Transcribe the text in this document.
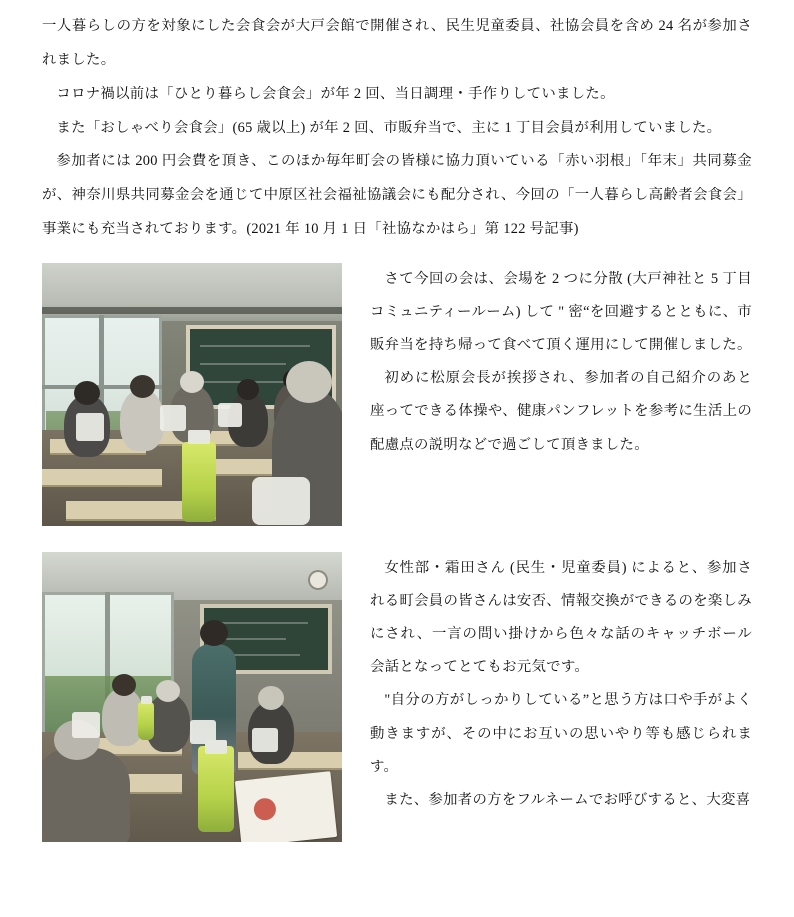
一人暮らしの方を対象にした会食会が大戸会館で開催され、民生児童委員、社協会員を含め 24 名が参加されました。

コロナ禍以前は「ひとり暮らし会食会」が年 2 回、当日調理・手作りしていました。

また「おしゃべり会食会」(65 歳以上) が年 2 回、市販弁当で、主に 1 丁目会員が利用していました。

参加者には 200 円会費を頂き、このほか毎年町会の皆様に協力頂いている「赤い羽根」「年末」共同募金が、神奈川県共同募金会を通じて中原区社会福祉協議会にも配分され、今回の「一人暮らし高齢者会食会」事業にも充当されております。(2021 年 10 月 1 日「社協なかはら」第 122 号記事)

さて今回の会は、会場を 2 つに分散 (大戸神社と 5 丁目コミュニティールーム) して " 密“を回避するとともに、市販弁当を持ち帰って食べて頂く運用にして開催しました。

初めに松原会長が挨拶され、参加者の自己紹介のあと座ってできる体操や、健康パンフレットを参考に生活上の配慮点の説明などで過ごして頂きました。

女性部・霜田さん (民生・児童委員) によると、参加される町会員の皆さんは安否、情報交換ができるのを楽しみにされ、一言の問い掛けから色々な話のキャッチボール会話となってとてもお元気です。

"自分の方がしっかりしている”と思う方は口や手がよく動きますが、その中にお互いの思いやり等も感じられます。

また、参加者の方をフルネームでお呼びすると、大変喜
